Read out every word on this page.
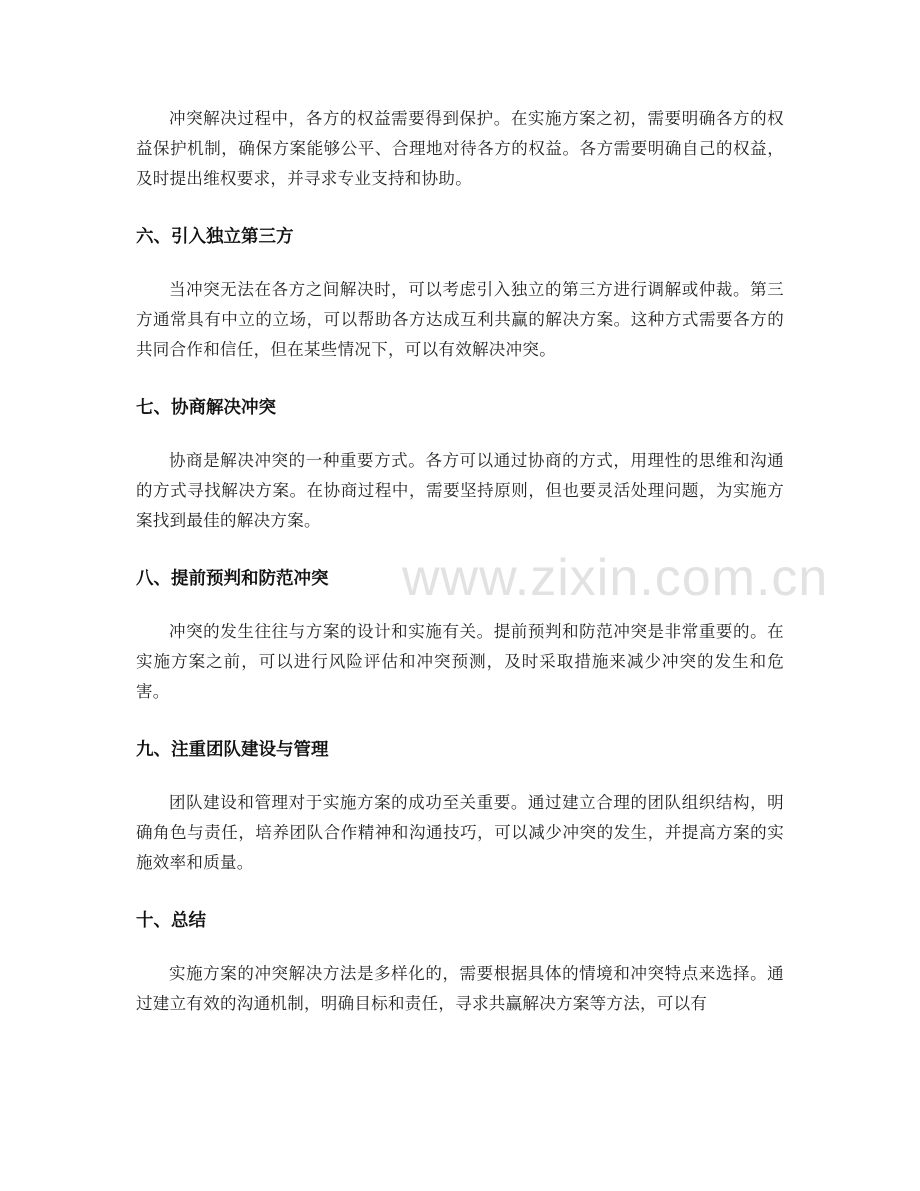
冲突解决过程中，各方的权益需要得到保护。在实施方案之初，需要明确各方的权益保护机制，确保方案能够公平、合理地对待各方的权益。各方需要明确自己的权益，及时提出维权要求，并寻求专业支持和协助。

六、引入独立第三方

当冲突无法在各方之间解决时，可以考虑引入独立的第三方进行调解或仲裁。第三方通常具有中立的立场，可以帮助各方达成互利共赢的解决方案。这种方式需要各方的共同合作和信任，但在某些情况下，可以有效解决冲突。

七、协商解决冲突

协商是解决冲突的一种重要方式。各方可以通过协商的方式，用理性的思维和沟通的方式寻找解决方案。在协商过程中，需要坚持原则，但也要灵活处理问题，为实施方案找到最佳的解决方案。

八、提前预判和防范冲突

冲突的发生往往与方案的设计和实施有关。提前预判和防范冲突是非常重要的。在实施方案之前，可以进行风险评估和冲突预测，及时采取措施来减少冲突的发生和危害。

九、注重团队建设与管理

团队建设和管理对于实施方案的成功至关重要。通过建立合理的团队组织结构，明确角色与责任，培养团队合作精神和沟通技巧，可以减少冲突的发生，并提高方案的实施效率和质量。

十、总结

实施方案的冲突解决方法是多样化的，需要根据具体的情境和冲突特点来选择。通过建立有效的沟通机制，明确目标和责任，寻求共赢解决方案等方法，可以有

www.zixin.com.cn
